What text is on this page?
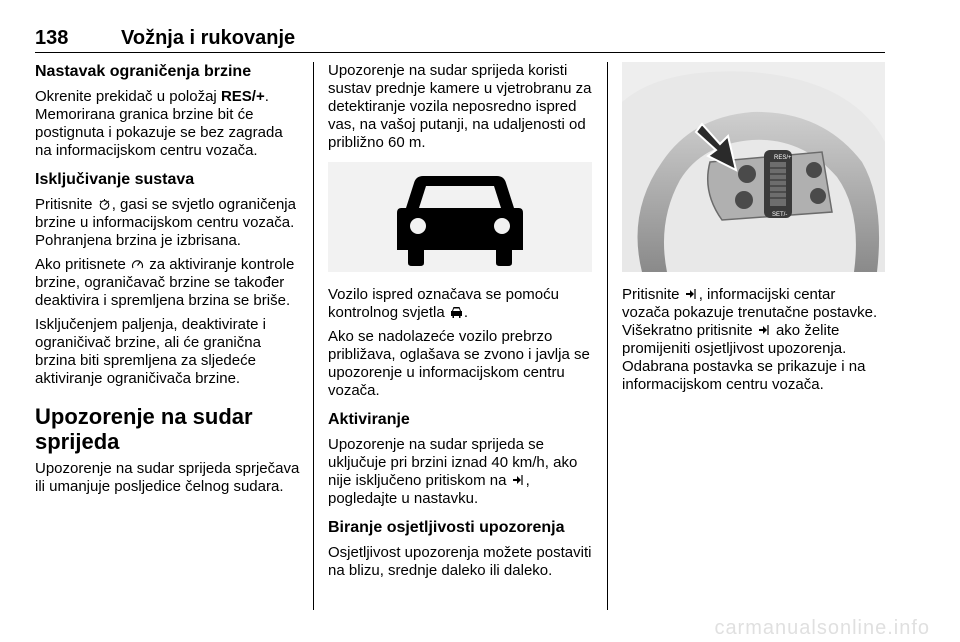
138	Vožnja i rukovanje
Nastavak ograničenja brzine

Okrenite prekidač u položaj RES/+. Memorirana granica brzine bit će postignuta i pokazuje se bez zagrada na informacijskom centru vozača.

Isključivanje sustava

Pritisnite , gasi se svjetlo ograničenja brzine u informacijskom centru vozača. Pohranjena brzina je izbrisana.

Ako pritisnete  za aktiviranje kontrole brzine, ograničavač brzine se također deaktivira i spremljena brzina se briše.

Isključenjem paljenja, deaktivirate i ograničivač brzine, ali će granična brzina biti spremljena za sljedeće aktiviranje ograničivača brzine.

Upozorenje na sudar sprijeda

Upozorenje na sudar sprijeda sprječava ili umanjuje posljedice čelnog sudara.

Upozorenje na sudar sprijeda koristi sustav prednje kamere u vjetrobranu za detektiranje vozila neposredno ispred vas, na vašoj putanji, na udaljenosti od približno 60 m.

Vozilo ispred označava se pomoću kontrolnog svjetla .

Ako se nadolazeće vozilo prebrzo približava, oglašava se zvono i javlja se upozorenje u informacijskom centru vozača.

Aktiviranje

Upozorenje na sudar sprijeda se uključuje pri brzini iznad 40 km/h, ako nije isključeno pritiskom na , pogledajte u nastavku.

Biranje osjetljivosti upozorenja

Osjetljivost upozorenja možete postaviti na blizu, srednje daleko ili daleko.

RES/+
SET/-

Pritisnite , informacijski centar vozača pokazuje trenutačne postavke. Višekratno pritisnite  ako želite promijeniti osjetljivost upozorenja. Odabrana postavka se prikazuje i na informacijskom centru vozača.

carmanualsonline.info
